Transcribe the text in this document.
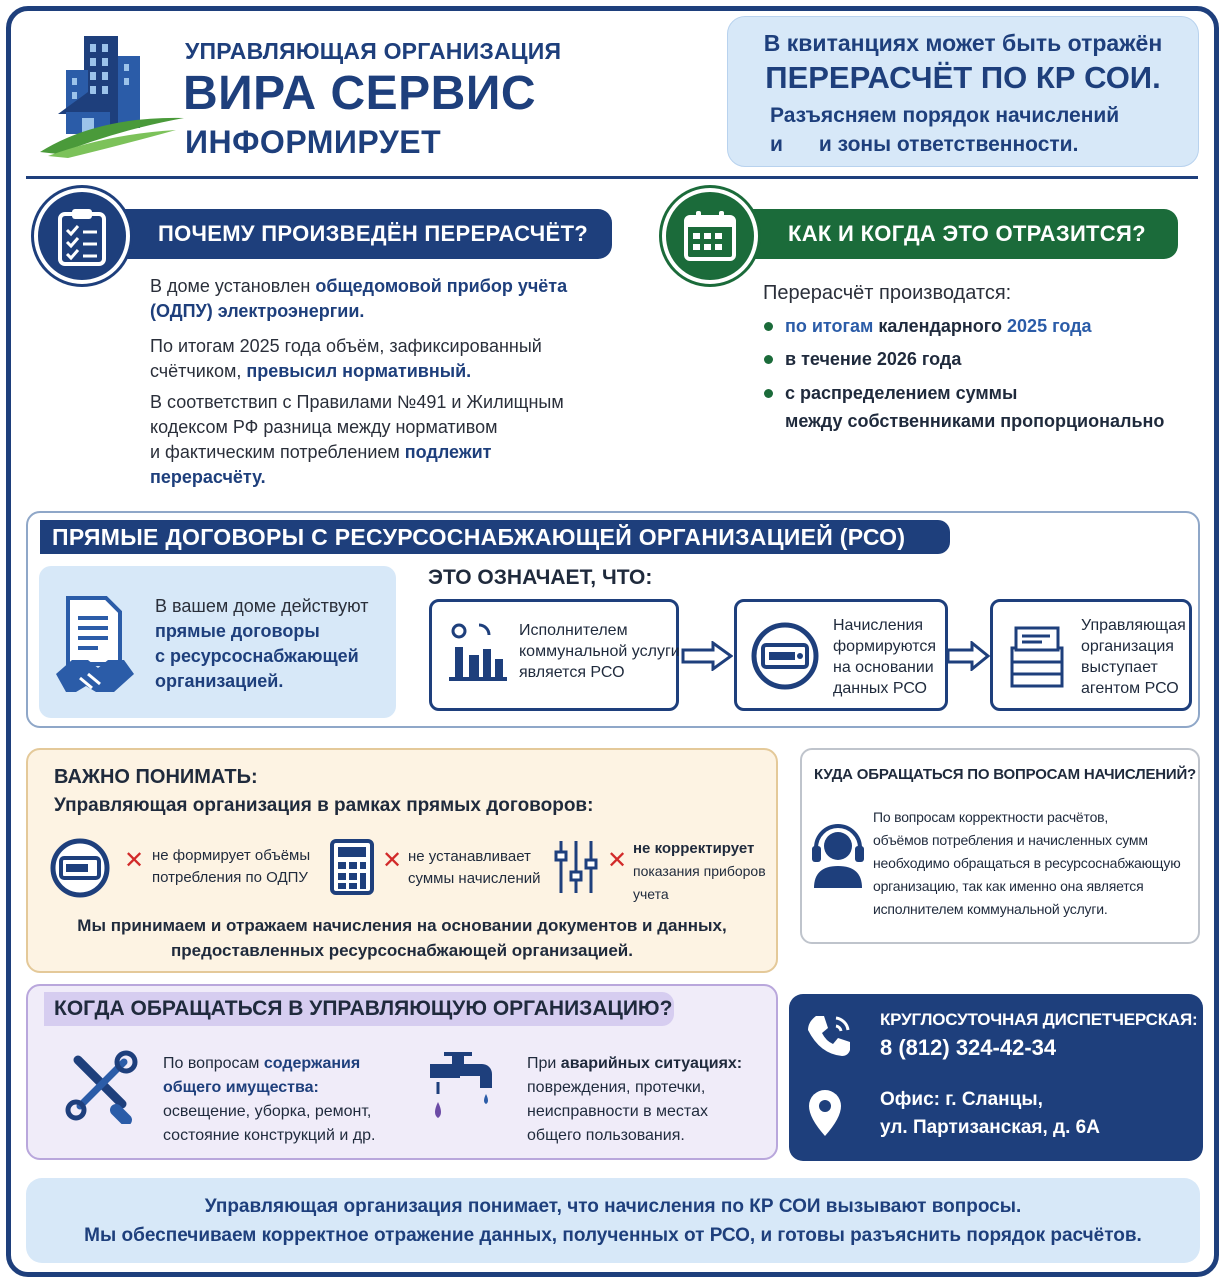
УПРАВЛЯЮЩАЯ ОРГАНИЗАЦИЯ
ВИРА СЕРВИС
ИНФОРМИРУЕТ
В квитанциях может быть отражён
ПЕРЕРАСЧЁТ ПО КР СОИ.
Разъясняем порядок начислений
и и зоны ответственности.
ПОЧЕМУ ПРОИЗВЕДЁН ПЕРЕРАСЧЁТ?
В доме установлен общедомовой прибор учёта
(ОДПУ) электроэнергии.
По итогам 2025 года объём, зафиксированный
счётчиком, превысил нормативный.
В соответствип с Правилами №491 и Жилищным
кодексом РФ разница между нормативом
и фактическим потреблением подлежит
перерасчёту.
КАК И КОГДА ЭТО ОТРАЗИТСЯ?
Перерасчёт производатся:
по итогам
календарного
2025 года
в течение 2026 года
с распределением суммы
между собственниками пропорционально
ПРЯМЫЕ ДОГОВОРЫ С РЕСУРСОСНАБЖАЮЩЕЙ ОРГАНИЗАЦИЕЙ (РСО)
В вашем доме действуют
прямые договоры
с ресурсоснабжающей
организацией.
ЭТО ОЗНАЧАЕТ, ЧТО:
Исполнителем
коммунальной услуги
является РСО
Начисления
формируются
на основании
данных РСО
Управляющая
организация
выступает
агентом РСО
ВАЖНО ПОНИМАТЬ:
Управляющая организация в рамках прямых договоров:
✕ не формирует объёмы
потребления по ОДПУ
✕ не устанавливает
суммы начислений
✕ не корректирует
показания приборов
учета
Мы принимаем и отражаем начисления на основании документов и данных,
предоставленных ресурсоснабжающей организацией.
КУДА ОБРАЩАТЬСЯ ПО ВОПРОСАМ НАЧИСЛЕНИЙ?
По вопросам корректности расчётов,
объёмов потребления и начисленных сумм
необходимо обращаться в ресурсоснабжающую
организацию, так как именно она является
исполнителем коммунальной услуги.
КОГДА ОБРАЩАТЬСЯ В УПРАВЛЯЮЩУЮ ОРГАНИЗАЦИЮ?
По вопросам содержания
общего имущества:
освещение, уборка, ремонт,
состояние конструкций и др.
При аварийных ситуациях:
повреждения, протечки,
неисправности в местах
общего пользования.
КРУГЛОСУТОЧНАЯ ДИСПЕТЧЕРСКАЯ:
8 (812) 324-42-34
Офис: г. Сланцы,
ул. Партизанская, д. 6А
Управляющая организация понимает, что начисления по КР СОИ вызывают вопросы.
Мы обеспечиваем корректное отражение данных, полученных от РСО, и готовы разъяснить порядок расчётов.
